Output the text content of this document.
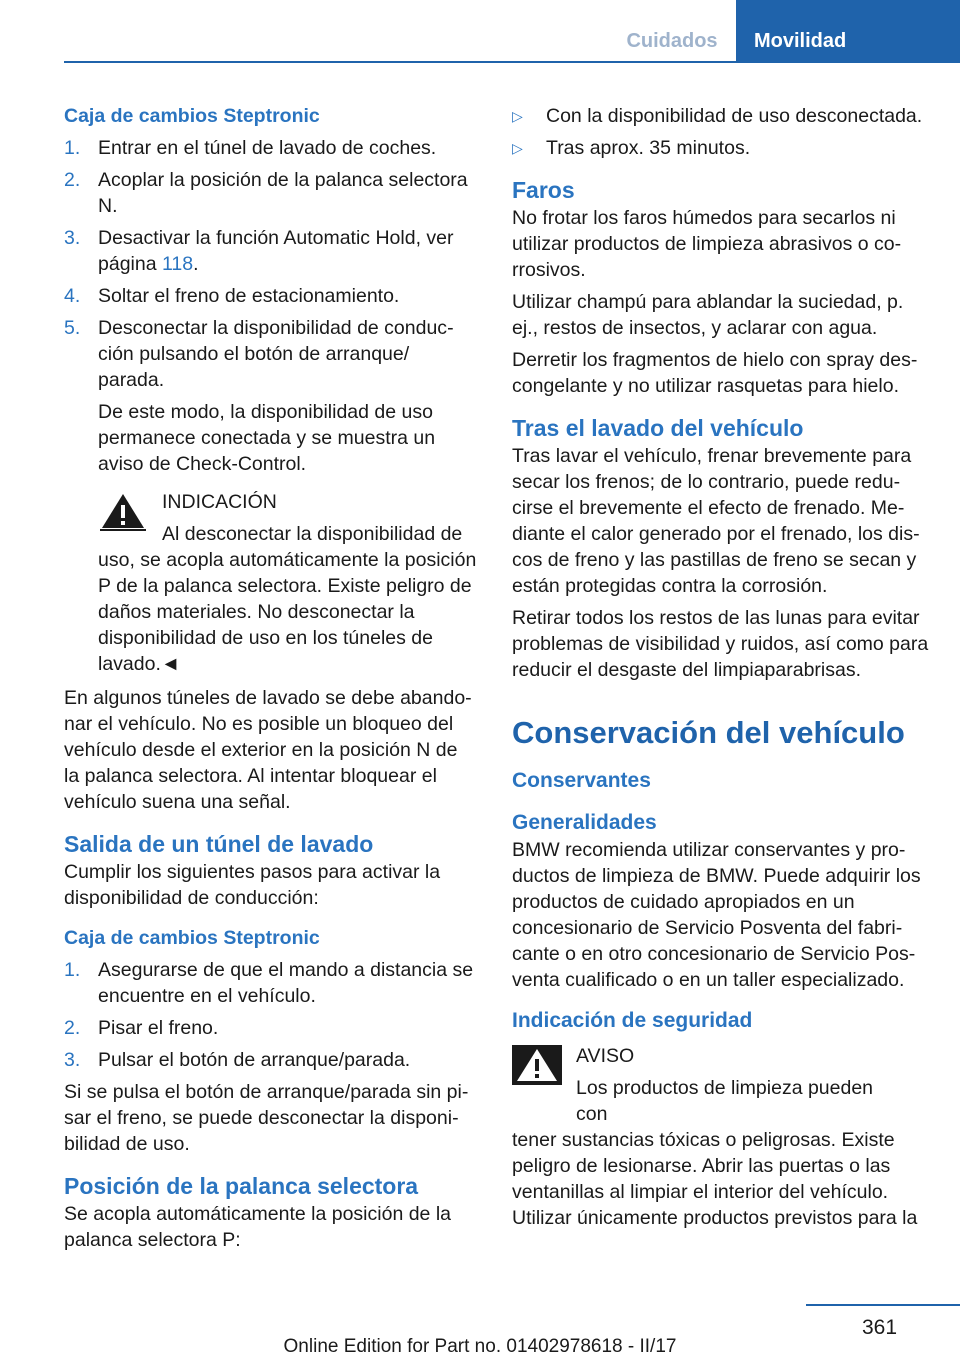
Cuidados	Movilidad
Caja de cambios Steptronic
1. Entrar en el túnel de lavado de coches.
2. Acoplar la posición de la palanca selectora N.
3. Desactivar la función Automatic Hold, ver página 118.
4. Soltar el freno de estacionamiento.
5. Desconectar la disponibilidad de conducción pulsando el botón de arranque/ parada.
De este modo, la disponibilidad de uso permanece conectada y se muestra un aviso de Check-Control.
INDICACIÓN
Al desconectar la disponibilidad de
uso, se acopla automáticamente la posición P de la palanca selectora. Existe peligro de daños materiales. No desconectar la disponibilidad de uso en los túneles de lavado.◄
En algunos túneles de lavado se debe abandonar el vehículo. No es posible un bloqueo del vehículo desde el exterior en la posición N de la palanca selectora. Al intentar bloquear el vehículo suena una señal.
Salida de un túnel de lavado
Cumplir los siguientes pasos para activar la disponibilidad de conducción:
Caja de cambios Steptronic
1. Asegurarse de que el mando a distancia se encuentre en el vehículo.
2. Pisar el freno.
3. Pulsar el botón de arranque/parada.
Si se pulsa el botón de arranque/parada sin pisar el freno, se puede desconectar la disponibilidad de uso.
Posición de la palanca selectora
Se acopla automáticamente la posición de la palanca selectora P:
▷	Con la disponibilidad de uso desconectada.
▷	Tras aprox. 35 minutos.
Faros
No frotar los faros húmedos para secarlos ni utilizar productos de limpieza abrasivos o corrosivos.
Utilizar champú para ablandar la suciedad, p. ej., restos de insectos, y aclarar con agua.
Derretir los fragmentos de hielo con spray descongelante y no utilizar rasquetas para hielo.
Tras el lavado del vehículo
Tras lavar el vehículo, frenar brevemente para secar los frenos; de lo contrario, puede reducirse el brevemente el efecto de frenado. Mediante el calor generado por el frenado, los discos de freno y las pastillas de freno se secan y están protegidas contra la corrosión.
Retirar todos los restos de las lunas para evitar problemas de visibilidad y ruidos, así como para reducir el desgaste del limpiaparabrisas.
Conservación del vehículo
Conservantes
Generalidades
BMW recomienda utilizar conservantes y productos de limpieza de BMW. Puede adquirir los productos de cuidado apropiados en un concesionario de Servicio Posventa del fabricante o en otro concesionario de Servicio Posventa cualificado o en un taller especializado.
Indicación de seguridad
AVISO
Los productos de limpieza pueden con
tener sustancias tóxicas o peligrosas. Existe peligro de lesionarse. Abrir las puertas o las ventanillas al limpiar el interior del vehículo. Utilizar únicamente productos previstos para la
361
Online Edition for Part no. 01402978618 - II/17
